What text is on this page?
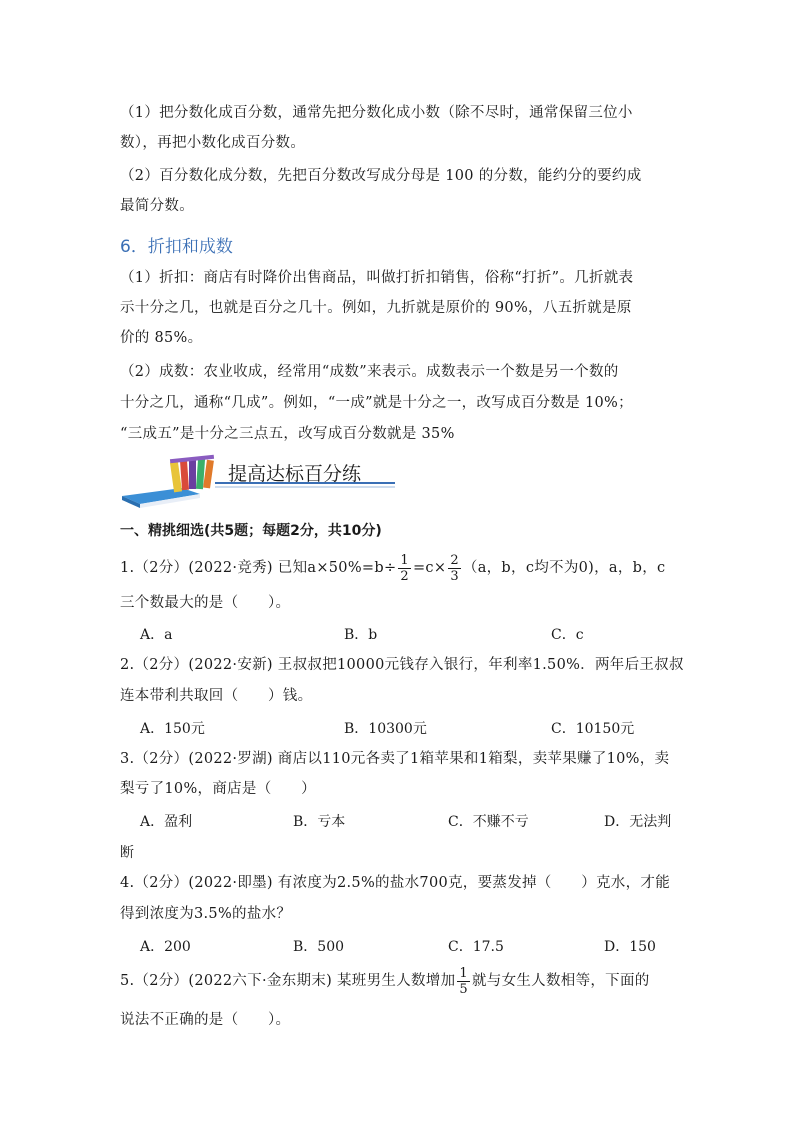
（1）把分数化成百分数，通常先把分数化成小数（除不尽时，通常保留三位小
数），再把小数化成百分数。
（2）百分数化成分数，先把百分数改写成分母是 100 的分数，能约分的要约成
最简分数。
6．折扣和成数
（1）折扣：商店有时降价出售商品，叫做打折扣销售，俗称“打折”。几折就表
示十分之几，也就是百分之几十。例如，九折就是原价的 90%，八五折就是原
价的 85%。
（2）成数：农业收成，经常用“成数”来表示。成数表示一个数是另一个数的
十分之几，通称“几成”。例如，“一成”就是十分之一，改写成百分数是 10%；
“三成五”是十分之三点五，改写成百分数就是 35%
提高达标百分练
一、精挑细选(共5题；每题2分，共10分)
1.（2分）(2022·竞秀) 已知$a\times 50\%=b\div \frac{1}{2} =c\times \frac{2}{3} (a$，b，c均不为0)，a，b，c
三个数最大的是（　　）。
A．a	B．b	C．c
2.（2分）(2022·安新) 王叔叔把10000元钱存入银行，年利率1.50%．两年后王叔叔
连本带利共取回（　　）钱。
A．150元	B．10300元	C．10150元
3.（2分）(2022·罗湖) 商店以110元各卖了1箱苹果和1箱梨，卖苹果赚了10%，卖
梨亏了10%，商店是（　　）
A．盈利	B．亏本	C．不赚不亏	D．无法判
断
4.（2分）(2022·即墨) 有浓度为2.5%的盐水700克，要蒸发掉（　　）克水，才能
得到浓度为3.5%的盐水？
A．200	B．500	C．17.5	D．150
5.（2分）(2022六下·金东期末) 某班男生人数增加 $\frac{1}{5}$ 就与女生人数相等，下面的
说法不正确的是（　　）。
